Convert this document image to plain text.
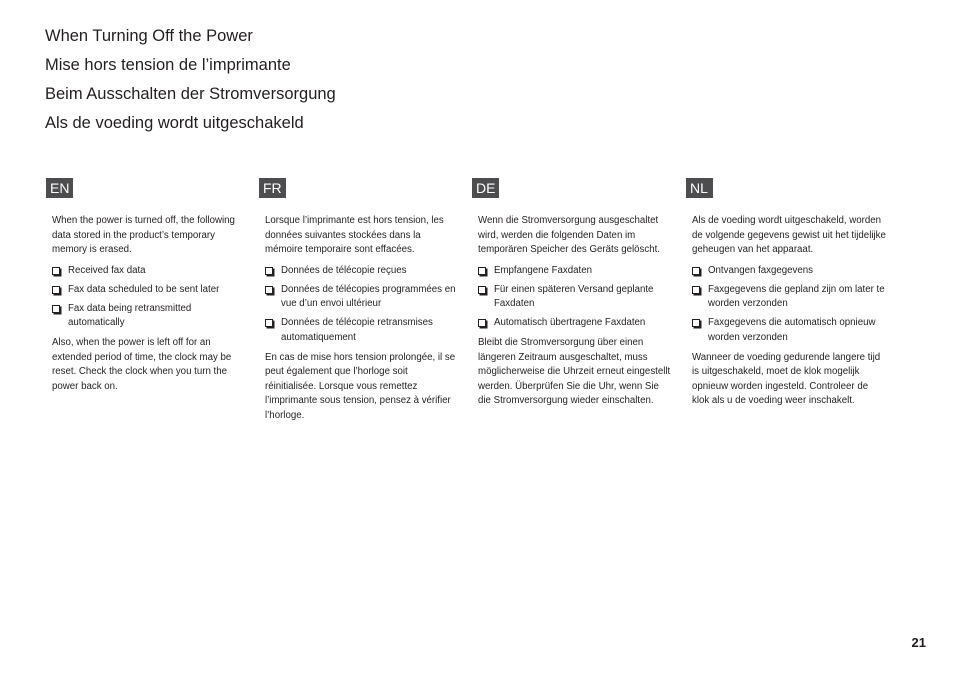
When Turning Off the Power
Mise hors tension de l’imprimante
Beim Ausschalten der Stromversorgung
Als de voeding wordt uitgeschakeld
EN

When the power is turned off, the following data stored in the product’s temporary memory is erased.

Received fax data
Fax data scheduled to be sent later
Fax data being retransmitted automatically

Also, when the power is left off for an extended period of time, the clock may be reset. Check the clock when you turn the power back on.

FR

Lorsque l’imprimante est hors tension, les données suivantes stockées dans la mémoire temporaire sont effacées.

Données de télécopie reçues
Données de télécopies programmées en vue d’un envoi ultérieur
Données de télécopie retransmises automatiquement

En cas de mise hors tension prolongée, il se peut également que l’horloge soit réinitialisée. Lorsque vous remettez l’imprimante sous tension, pensez à vérifier l’horloge.

DE

Wenn die Stromversorgung ausgeschaltet wird, werden die folgenden Daten im temporären Speicher des Geräts gelöscht.

Empfangene Faxdaten
Für einen späteren Versand geplante Faxdaten
Automatisch übertragene Faxdaten

Bleibt die Stromversorgung über einen längeren Zeitraum ausgeschaltet, muss möglicherweise die Uhrzeit erneut eingestellt werden. Überprüfen Sie die Uhr, wenn Sie die Stromversorgung wieder einschalten.

NL

Als de voeding wordt uitgeschakeld, worden de volgende gegevens gewist uit het tijdelijke geheugen van het apparaat.

Ontvangen faxgegevens
Faxgegevens die gepland zijn om later te worden verzonden
Faxgegevens die automatisch opnieuw worden verzonden

Wanneer de voeding gedurende langere tijd is uitgeschakeld, moet de klok mogelijk opnieuw worden ingesteld. Controleer de klok als u de voeding weer inschakelt.

21
